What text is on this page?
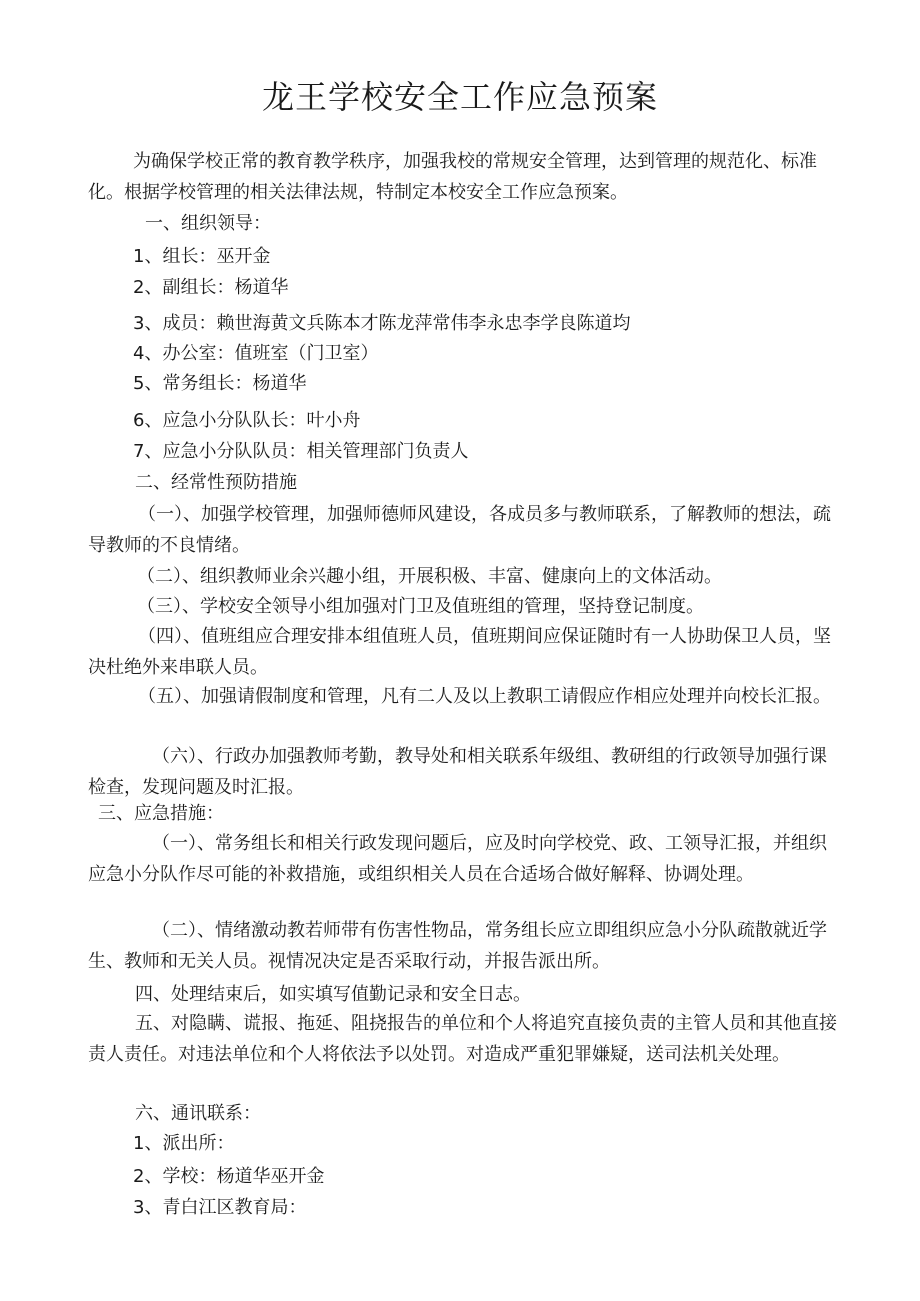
龙王学校安全工作应急预案
为确保学校正常的教育教学秩序，加强我校的常规安全管理，达到管理的规范化、标准化。根据学校管理的相关法律法规，特制定本校安全工作应急预案。
一、组织领导：
1、组长：巫开金
2、副组长：杨道华
3、成员：赖世海黄文兵陈本才陈龙萍常伟李永忠李学良陈道均
4、办公室：值班室（门卫室）
5、常务组长：杨道华
6、应急小分队队长：叶小舟
7、应急小分队队员：相关管理部门负责人
二、经常性预防措施
（一）、加强学校管理，加强师德师风建设，各成员多与教师联系，了解教师的想法，疏导教师的不良情绪。
（二）、组织教师业余兴趣小组，开展积极、丰富、健康向上的文体活动。
（三）、学校安全领导小组加强对门卫及值班组的管理，坚持登记制度。
（四）、值班组应合理安排本组值班人员，值班期间应保证随时有一人协助保卫人员，坚决杜绝外来串联人员。
（五）、加强请假制度和管理，凡有二人及以上教职工请假应作相应处理并向校长汇报。
（六）、行政办加强教师考勤，教导处和相关联系年级组、教研组的行政领导加强行课检查，发现问题及时汇报。
三、应急措施：
（一）、常务组长和相关行政发现问题后，应及时向学校党、政、工领导汇报，并组织应急小分队作尽可能的补救措施，或组织相关人员在合适场合做好解释、协调处理。
（二）、情绪激动教若师带有伤害性物品，常务组长应立即组织应急小分队疏散就近学生、教师和无关人员。视情况决定是否采取行动，并报告派出所。
四、处理结束后，如实填写值勤记录和安全日志。
五、对隐瞒、谎报、拖延、阻挠报告的单位和个人将追究直接负责的主管人员和其他直接责人责任。对违法单位和个人将依法予以处罚。对造成严重犯罪嫌疑，送司法机关处理。
六、通讯联系：
1、派出所：
2、学校：杨道华巫开金
3、青白江区教育局：
